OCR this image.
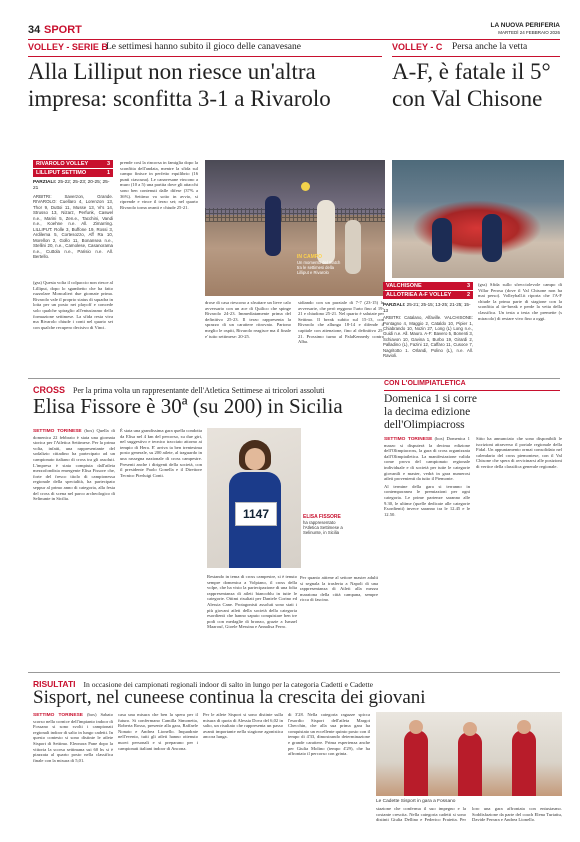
34 SPORT	LA NUOVA PERIFERIA
MARTEDÌ 24 FEBBRAIO 2026
VOLLEY - SERIE B
Le settimesi hanno subito il gioco delle canavesane
Alla Lilliput non riesce un'altra
impresa: sconfitta 3-1 a Rivarolo
VOLLEY - C Persa anche la vetta
A-F, è fatale il 5°
con Val Chisone
RIVAROLO VOLLEY	3
LILLIPUT SETTIMO	1
PARZIALI: 25-22; 25-23; 20-25; 25-21
ARBITRI: Saverzon, Grande. RIVAROLO: Cuellaro 4, Lorenzon 13, Thor 9, Duttoi 11, Musse 13, Vi's 14, Strusso 13, Nizarz, Perfunk, Caswel n.e., Marini 5, Zen.e., Tacchini, Vandi n.e., Koehne n.e. All. Zimarring. LILLIPUT: Rolle 3, Buffone 19, Rossi 3, Ardilema 5, Cortesozzo, Aff Ra 10, Morellon 2, Gollo 11, Bonansea n.e., Stellini 20, n.e., Camolese, Casanorama n.e., Cuttola n.e., Parisio n.e. All. Bertello.
(gss) Questa volta il colpaccio non riesce al Lilliput, dopo lo sgambetto che ha fatto ruzzolare Moncalieri due giornate prima. Rivarolo vale il proprio status di squadra in lotta per un posto nei playoff e concede solo qualche spiraglio all'entusiasmo della formazione settimese. La sfida resta viva ma Rivarolo chiude i conti nel quarto set con qualche recupero decisivo di Vinci.
prende così la rincorsa in famiglia dopo la sconfitta dell'andata, mentre la sfida sul campo finisce in perfetto equilibrio (16 punti ciascuna). Le canavesane vincono a muro (10 a 5) una partita dove gli attacchi sono ben contenuti dalle difese (37% a 36%). Settimo va sotto in avvio, si riprende e vince il terzo set; nel quarto Rivarolo torna avanti e chiude 25-21.
drose di casa riescono a sfruttare un lieve calo avversario con un ace di Quilico che spinge Rivarolo 24-23. Immediatamente prima del definitivo 25-23. Il terzo rappresenta la sprazzo di un carattere ritrovato. Partono meglio le ospiti, Rivarolo reagisce ma il finale e' tutto settimese: 20-25.
sidiando con un parziale di 7-7 (23-15) le avversarie, che però reggono l'urto fino al 19-21 e chiudono 25-21. Nel quarto è salutate per Settimo. Il break subito sul 15-13, con Rivarolo che allunga 18-14 e difende il capitale con attenzione, fino al definitivo 25-21. Prossimo turno al PalaKennedy contro Alba.
IN CAMPO
Un momento del match tra le settimesi della Lilliput e Rivarolo
VALCHISONE	3
ALLOTRIEA A-F VOLLEY	2
PARZIALI: 25-21; 25-15; 13-25; 21-25; 15-13
ARBITRI: Catalano, Alfaville. VALCHISONE: Pontagno 4, Maggio 2, Cataldo 10, Pipier 1, Chiabrando 10, Nozin 27, Long (L) Long n.e., Guidi n.e. All. Mauro. A-F: Bavero 5, Bonenti 3, Schiavon 10, Gavina 1, Burbo 19, Girardi 2, Palladino (L), Fazini 12, Caffaro 11, Cusoce 7, Nagritotto 1. Orlandi, Polino (L), n.e. All. Ravioli.
(gss) Sfida sullo sfrecciolevole campo di Villar Perosa (dove il Val Chisone non ha mai perso). Volleyball.it riporta che l'A-F chiude la prima parte di stagione con la sconfitta al tie-break e perde la vetta della classifica. Un testa a testa che premette (s miracolo) di restare vivo fino a oggi.
CROSS Per la prima volta un rappresentante dell'Atletica Settimese ai tricolori assoluti
Elisa Fissore è 30ª (su 200) in Sicilia
SETTIMO TORINESE (bos) Quella di domenica 22 febbraio è stata una giornata storica per l'Atletica Settimese. Per la prima volta, infatti, una rappresentante del sodalizio cittadino ha partecipato ad un campionato italiano di cross tra gli assoluti. L'impresa è stata compiuta dall'atleta mezzofondista emergente Elisa Fissore che, forte del fresco titolo di campionessa regionale della specialità, ha partecipato seppur al primo anno di categoria, alla festa del cross di scena nel parco archeologico di Selinunte in Sicilia.
È stata una grandissima gara quella condotta da Elisa nel 4 km del percorso, su due giri, nel suggestivo e tecnico tracciato attorno ai tempio di Hera. E' arriva ta ben trentesima posto generale, su 200 atlete, al traguardo in una rassegna nazionale di cross campestre. Presenti anche i dirigenti della società, con il presidente Paolo Gonella e il Direttore Tecnico Pierluigi Conti.
1147	ELISA FISSORE
ha rappresentato l'Atletica Settimese a Selinunte, in Sicilia
Per quanto attiene al settore master adulti si segnala la trasferta a Napoli di una rappresentanza di Atleti alla mezza maratona della città campana, sempre ricca di fascino.
Restando in tema di cross campestre, si è tenuto sempre domenica a Volpiano, il cross della volpe, che ha visto la partecipazione di una folta rappresentanza di atleti biancoblu in tutte le categorie. Ottimi risultati per Daniele Corino ed Alessia Cane. Protagonisti assoluti sono stati i più giovani atleti della società della categoria esordienti che hanno saputo conquistare ben tre podi con medaglie di bronzo, grazie a Ismael Maarouf, Gioele Messina e Annalisa Ferro.
CON L'OLIMPIATLETICA
Domenica 1 si corre
la decima edizione
dell'Olimpiacross
SETTIMO TORINESE (bos) Domenica 1 marzo si disputerà la decima edizione dell'Olimpiacross, la gara di cross organizzata dall'Olimpiatletica. La manifestazione valida come prova del campionato regionale individuale e di società per tutte le categorie giovanili e master, vedrà in gara numerosi atleti provenienti da tutto il Piemonte.

Al termine della gara si terranno in contemporanea le premiazioni per ogni categoria. Le prime partenze saranno alle 9.30, le ultime (quelle dedicate alle categorie Esordienti) invece saranno tra le 12.45 e le 12.50.

Sitto ha annunciato che sono disponibili le iscrizioni attraverso il portale regionale della Fidal. Un appuntamento ormai consolidato nel calendario del cross piemontese, con il Val Chisone che spera di avvicinarsi alle posizioni di vertice della classifica generale regionale.
RISULTATI In occasione dei campionati regionali indoor di salto in lungo per la categoria Cadetti e Cadette
Sisport, nel cuneese continua la crescita dei giovani
SETTIMO TORINESE (bos) Sabato scorso nella cornice dell'impianto indoor di Fossano si sono svolti i campionati regionali indoor di salto in lungo cadetti. In questo contesto si sono distinte le atlete Sisport di Settimo. Eleonora Pane dopo la vittoria la scorsa settimana sui 60 hs si è piazzata al quarto posto nella classifica finale con la misura di 5,01.
casa una misura che ben la spera per il futuro. Si confermano Camilla Simonetta, Roberta Rosso, presente alla gara, Raffaele Nonato e Andrea Lionello. Inquadrate nell'evento, tutti gli atleti hanno ottenuto nuovi personali e si preparano per i campionati italiani indoor di Ancona.
Per le atlete Sisport si sono distinte sulla misura di quota di Alessia Dova del 6,02 in salto, un risultato che rappresenta un passo avanti importante nella stagione agonistica ancora lunga.
di 3'28. Nella categoria ragazze spicca l'esordio Sisport dell'atleta Margot Checchin, che alla sua prima gara ha conquistato un eccellente quinto posto con il tempo di 4'33, dimostrando determinazione e grande carattere. Prima esperienza anche per Giulia Molino (tempo 4'29), che ha affrontato il percorso con grinta.
Le Cadette Sisport in gara a Fossano
stazione che conferma il suo impegno e la costante crescita. Nella categoria cadetti si sono distinti Giulia Dellino e Federico Fraietta. Per loro una gara affrontata con entusiasmo. Soddisfazione da parte del coach Elena Turtattu, Davide Ferrara e Andrea Lionello.
